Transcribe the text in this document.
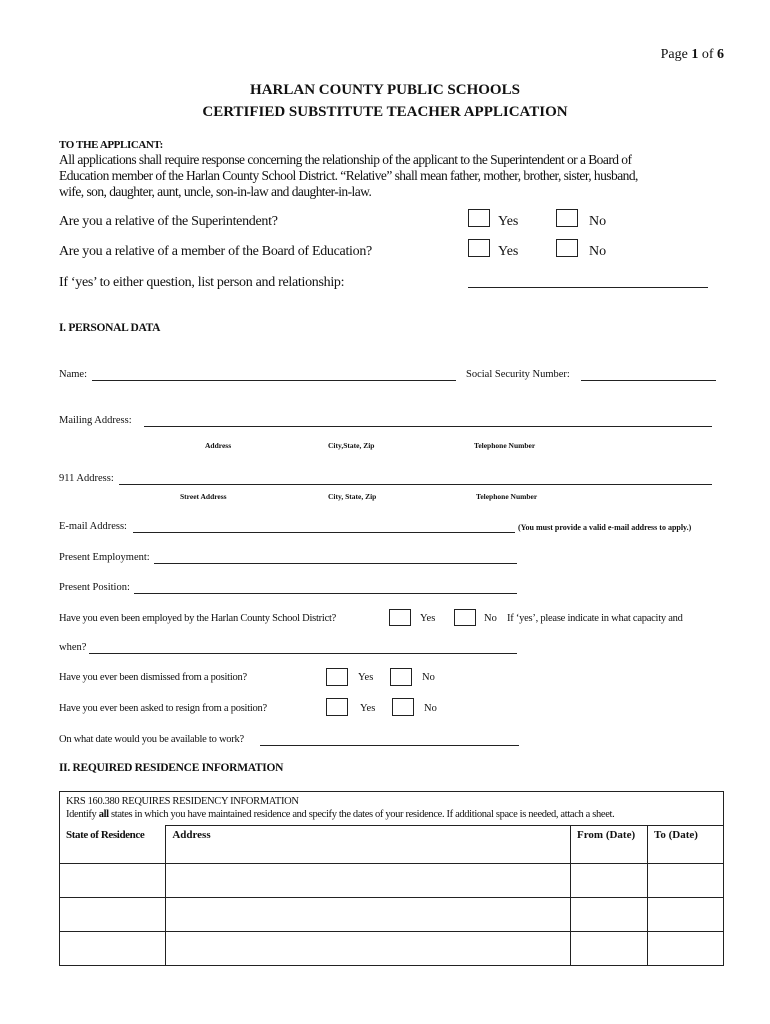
Page 1 of 6
HARLAN COUNTY PUBLIC SCHOOLS
CERTIFIED SUBSTITUTE TEACHER APPLICATION
TO THE APPLICANT:
All applications shall require response concerning the relationship of the applicant to the Superintendent or a Board of
Education member of the Harlan County School District. “Relative” shall mean father, mother, brother, sister, husband,
wife, son, daughter, aunt, uncle, son-in-law and daughter-in-law.
Are you a relative of the Superintendent?	Yes	No
Are you a relative of a member of the Board of Education?	Yes	No
If ‘yes’ to either question, list person and relationship:
I. PERSONAL DATA
Name:	Social Security Number:
Mailing Address:
Address	City,State, Zip	Telephone Number
911 Address:
Street Address	City, State, Zip	Telephone Number
E-mail Address:	(You must provide a valid e-mail address to apply.)
Present Employment:
Present Position:
Have you even been employed by the Harlan County School District?	Yes	No If ‘yes’, please indicate in what capacity and
when?
Have you ever been dismissed from a position?	Yes	No
Have you ever been asked to resign from a position?	Yes	No
On what date would you be available to work?
II. REQUIRED RESIDENCE INFORMATION

KRS 160.380 REQUIRES RESIDENCY INFORMATION
Identify all states in which you have maintained residence and specify the dates of your residence. If additional space is needed, attach a sheet.			

State of Residence	Address	From (Date)	To (Date)
